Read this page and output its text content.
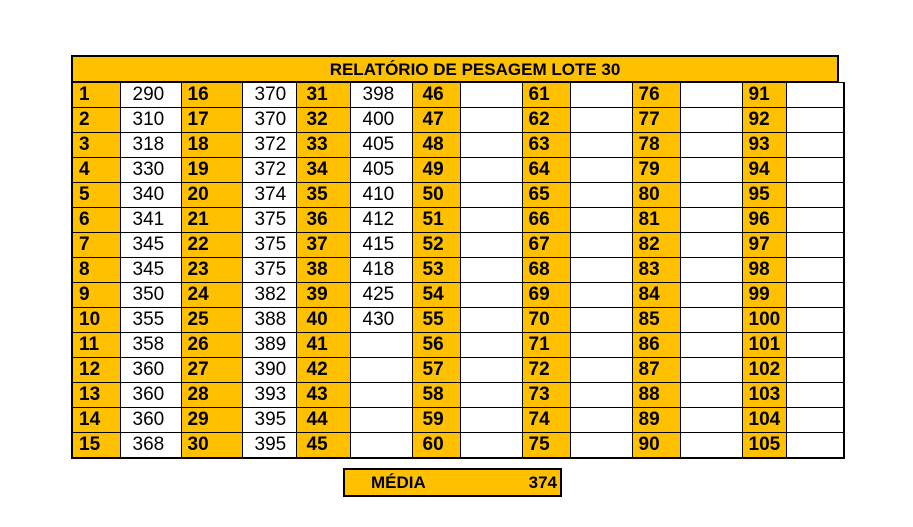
RELATÓRIO DE PESAGEM LOTE 30
1	290	16	370	31	398	46		61		76		91	
2	310	17	370	32	400	47		62		77		92	
3	318	18	372	33	405	48		63		78		93	
4	330	19	372	34	405	49		64		79		94	
5	340	20	374	35	410	50		65		80		95	
6	341	21	375	36	412	51		66		81		96	
7	345	22	375	37	415	52		67		82		97	
8	345	23	375	38	418	53		68		83		98	
9	350	24	382	39	425	54		69		84		99	
10	355	25	388	40	430	55		70		85		100	
11	358	26	389	41		56		71		86		101	
12	360	27	390	42		57		72		87		102	
13	360	28	393	43		58		73		88		103	
14	360	29	395	44		59		74		89		104	
15	368	30	395	45		60		75		90		105	
MÉDIA	374
